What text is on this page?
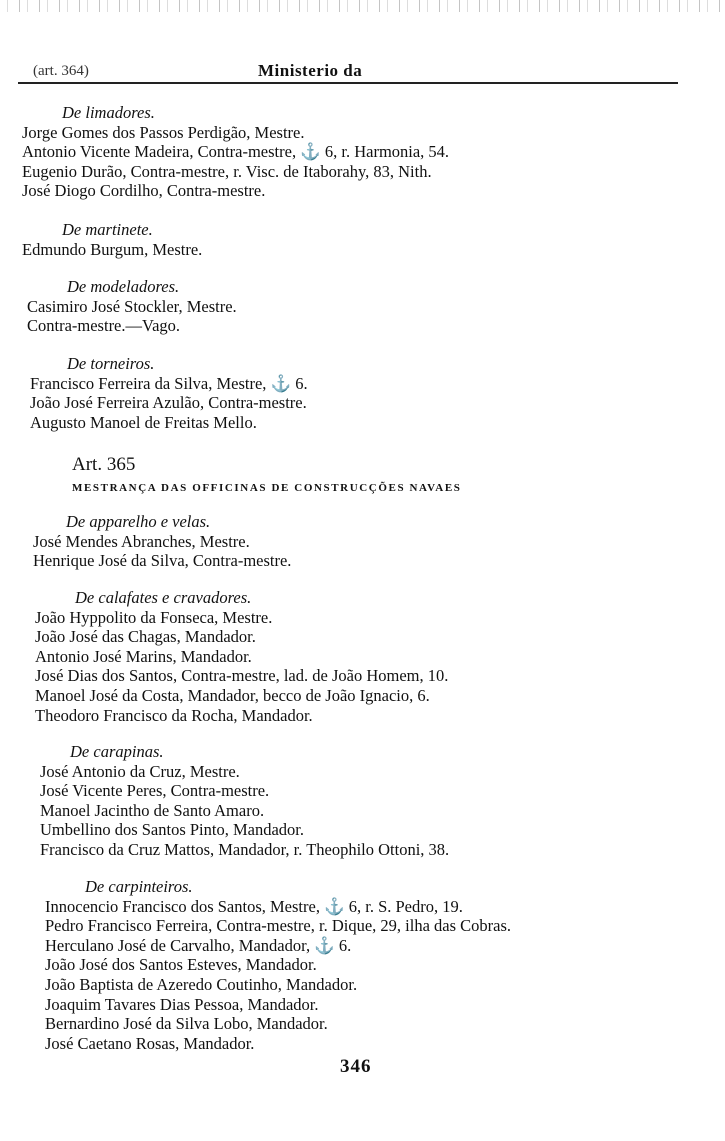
(art. 364)	Ministerio da
De limadores.
Jorge Gomes dos Passos Perdigão, Mestre.
Antonio Vicente Madeira, Contra-mestre, ⚓ 6, r. Harmonia, 54.
Eugenio Durão, Contra-mestre, r. Visc. de Itaborahy, 83, Nith.
José Diogo Cordilho, Contra-mestre.
De martinete.
Edmundo Burgum, Mestre.
De modeladores.
Casimiro José Stockler, Mestre.
Contra-mestre.—Vago.
De torneiros.
Francisco Ferreira da Silva, Mestre, ⚓ 6.
João José Ferreira Azulão, Contra-mestre.
Augusto Manoel de Freitas Mello.
De apparelho e velas.
José Mendes Abranches, Mestre.
Henrique José da Silva, Contra-mestre.
De calafates e cravadores.
João Hyppolito da Fonseca, Mestre.
João José das Chagas, Mandador.
Antonio José Marins, Mandador.
José Dias dos Santos, Contra-mestre, lad. de João Homem, 10.
Manoel José da Costa, Mandador, becco de João Ignacio, 6.
Theodoro Francisco da Rocha, Mandador.
De carapinas.
José Antonio da Cruz, Mestre.
José Vicente Peres, Contra-mestre.
Manoel Jacintho de Santo Amaro.
Umbellino dos Santos Pinto, Mandador.
Francisco da Cruz Mattos, Mandador, r. Theophilo Ottoni, 38.
De carpinteiros.
Innocencio Francisco dos Santos, Mestre, ⚓ 6, r. S. Pedro, 19.
Pedro Francisco Ferreira, Contra-mestre, r. Dique, 29, ilha das Cobras.
Herculano José de Carvalho, Mandador, ⚓ 6.
João José dos Santos Esteves, Mandador.
João Baptista de Azeredo Coutinho, Mandador.
Joaquim Tavares Dias Pessoa, Mandador.
Bernardino José da Silva Lobo, Mandador.
José Caetano Rosas, Mandador.
Art. 365
MESTRANÇA DAS OFFICINAS DE CONSTRUCÇÕES NAVAES
346
